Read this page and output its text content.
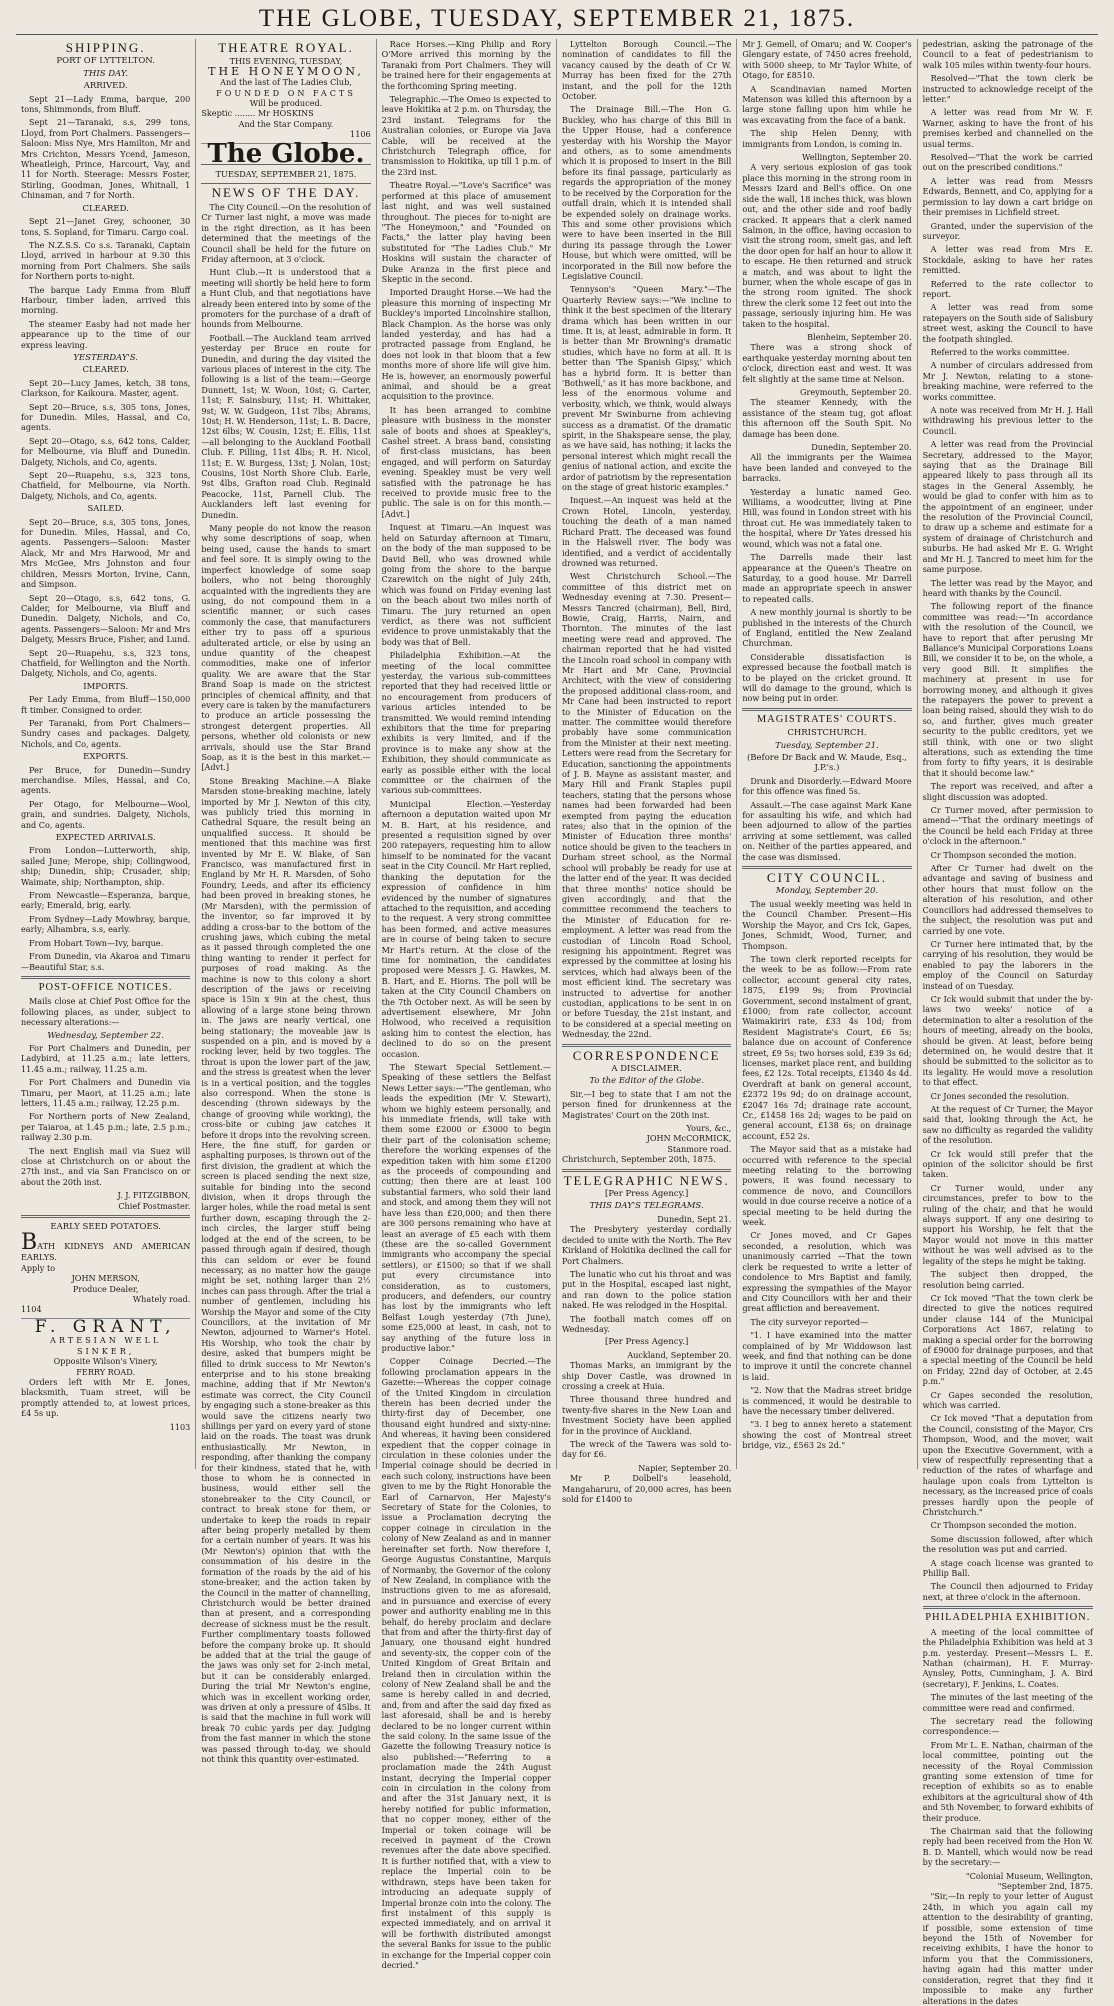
THE GLOBE, TUESDAY, SEPTEMBER 21, 1875.
SHIPPING.
PORT OF LYTTELTON.
THIS DAY.
ARRIVED.

Sept 21—Lady Emma, barque, 200 tons, Shimmonds, from Bluff.

Sept 21—Taranaki, s.s, 299 tons, Lloyd, from Port Chalmers. Passengers—Saloon: Miss Nye, Mrs Hamilton, Mr and Mrs Crichton, Messrs Ycend, Jameson, Wheatleigh, Prince, Harcourt, Vay, and 11 for North. Steerage: Messrs Foster, Stirling, Goodman, Jones, Whitnall, 1 Chinaman, and 7 for North.

CLEARED.

Sept 21—Janet Grey, schooner, 30 tons, S. Sopland, for Timaru. Cargo coal.

The N.Z.S.S. Co s.s. Taranaki, Captain Lloyd, arrived in harbour at 9.30 this morning from Port Chalmers. She sails for Northern ports to-night.

The barque Lady Emma from Bluff Harbour, timber laden, arrived this morning.

The steamer Easby had not made her appearance up to the time of our express leaving.

YESTERDAY'S.
CLEARED.

Sept 20—Lucy James, ketch, 38 tons, Clarkson, for Kaikoura. Master, agent.

Sept 20—Bruce, s.s, 305 tons, Jones, for Dunedin. Miles, Hassal, and Co, agents.

Sept 20—Otago, s.s, 642 tons, Calder, for Melbourne, via Bluff and Dunedin. Dalgety, Nichols, and Co, agents.

Sept 20—Ruapehu, s.s, 323 tons, Chatfield, for Melbourne, via North. Dalgety, Nichols, and Co, agents.

SAILED.

Sept 20—Bruce, s.s, 305 tons, Jones, for Dunedin. Miles, Hassal, and Co, agents. Passengers—Saloon: Master Alack, Mr and Mrs Harwood, Mr and Mrs McGee, Mrs Johnston and four children, Messrs Morton, Irvine, Cann, and Simpson.

Sept 20—Otago, s.s, 642 tons, G. Calder, for Melbourne, via Bluff and Dunedin. Dalgety, Nichols, and Co, agents. Passengers—Saloon: Mr and Mrs Dalgety, Messrs Bruce, Fisher, and Lund.

Sept 20—Ruapehu, s.s, 323 tons, Chatfield, for Wellington and the North. Dalgety, Nichols, and Co, agents.

IMPORTS.

Per Lady Emma, from Bluff—150,000 ft timber. Consigned to order.

Per Taranaki, from Port Chalmers—Sundry cases and packages. Dalgety, Nichols, and Co, agents.

EXPORTS.

Per Bruce, for Dunedin—Sundry merchandise. Miles, Hassal, and Co, agents.

Per Otago, for Melbourne—Wool, grain, and sundries. Dalgety, Nichols, and Co, agents.

EXPECTED ARRIVALS.

From London—Lutterworth, ship, sailed June; Merope, ship; Collingwood, ship; Dunedin, ship; Crusader, ship; Waimate, ship; Northampton, ship.

From Newcastle—Esperanza, barque, early; Emerald, brig, early.

From Sydney—Lady Mowbray, barque, early; Alhambra, s.s, early.

From Hobart Town—Ivy, barque.

From Dunedin, via Akaroa and Timaru—Beautiful Star, s.s.

POST-OFFICE NOTICES.

Mails close at Chief Post Office for the following places, as under, subject to necessary alterations:—

Wednesday, September 22.

For Port Chalmers and Dunedin, per Ladybird, at 11.25 a.m.; late letters, 11.45 a.m.; railway, 11.25 a.m.

For Port Chalmers and Dunedin via Timaru, per Maori, at 11.25 a.m.; late letters, 11.45 a.m.; railway, 12.25 p.m.

For Northern ports of New Zealand, per Taiaroa, at 1.45 p.m.; late, 2.5 p.m.; railway 2.30 p.m.

The next English mail via Suez will close at Christchurch on or about the 27th inst., and via San Francisco on or about the 20th inst.

J. J. FITZGIBBON,
Chief Postmaster.
EARLY SEED POTATOES.
BATH KIDNEYS AND AMERICAN EARLYS.
Apply to
JOHN MERSON,
Produce Dealer,
Whately road.
1104
F. GRANT,
ARTESIAN WELL SINKER,
Opposite Wilson's Vinery,
FERRY ROAD.

Orders left with Mr E. Jones, blacksmith, Tuam street, will be promptly attended to, at lowest prices, £4 5s up.

1103
THEATRE ROYAL.
THIS EVENING, TUESDAY,
THE HONEYMOON,
And the last of The Ladies Club,
FOUNDED ON FACTS
Will be produced.
Skeptic ........ Mr HOSKINS
And the Star Company.
1106
The Globe.
TUESDAY, SEPTEMBER 21, 1875.
NEWS OF THE DAY.

The City Council.—On the resolution of Cr Turner last night, a move was made in the right direction, as it has been determined that the meetings of the Council shall be held for the future on Friday afternoon, at 3 o'clock.

Hunt Club.—It is understood that a meeting will shortly be held here to form a Hunt Club, and that negotiations have already been entered into by some of the promoters for the purchase of a draft of hounds from Melbourne.

Football.—The Auckland team arrived yesterday per Bruce en route for Dunedin, and during the day visited the various places of interest in the city. The following is a list of the team:—George Dunnett, 1st; W. Woon, 10st; G. Carter, 11st; F. Sainsbury, 11st; H. Whittaker, 9st; W. W. Gudgeon, 11st 7lbs; Abrams, 10st; H. W. Henderson, 11st; L. B. Dacre, 12st 6lbs; W. Cousin, 12st; E. Ellis, 11st—all belonging to the Auckland Football Club. F. Pilling, 11st 4lbs; R. H. Nicol, 11st; E. W. Burgess, 13st; J. Nolan, 10st; Cousins, 10st North Shore Club. Earle, 9st 4lbs, Grafton road Club. Reginald Peacocke, 11st, Parnell Club. The Aucklanders left last evening for Dunedin.

Many people do not know the reason why some descriptions of soap, when being used, cause the hands to smart and feel sore. It is simply owing to the imperfect knowledge of some soap boilers, who not being thoroughly acquainted with the ingredients they are using, do not compound them in a scientific manner, or such cases commonly the case, that manufacturers either try to pass off a spurious adulterated article, or else by using an undue quantity of the cheapest commodities, make one of inferior quality. We are aware that the Star Brand Soap is made on the strictest principles of chemical affinity, and that every care is taken by the manufacturers to produce an article possessing the strongest detergent properties. All persons, whether old colonists or new arrivals, should use the Star Brand Soap, as it is the best in this market.—[Advt.]

Stone Breaking Machine.—A Blake Marsden stone-breaking machine, lately imported by Mr J. Newton of this city, was publicly tried this morning in Cathedral Square, the result being an unqualified success. It should be mentioned that this machine was first invented by Mr E. W. Blake, of San Francisco, was manufactured first in England by Mr H. R. Marsden, of Soho Foundry, Leeds, and after its efficiency had been proved in breaking stones, he (Mr Marsden), with the permission of the inventor, so far improved it by adding a cross-bar to the bottom of the crushing jaws, which cubing the metal as it passed through completed the one thing wanting to render it perfect for purposes of road making. As the machine is now to this colony a short description of the jaws or receiving space is 15in x 9in at the chest, thus allowing of a large stone being thrown in. The jaws are nearly vertical, one being stationary; the moveable jaw is suspended on a pin, and is moved by a rocking lever, held by two toggles. The throat is upon the lower part of the jaw, and the stress is greatest when the lever is in a vertical position, and the toggles also correspond. When the stone is descending (thrown sideways by the change of grooving while working), the cross-bite or cubing jaw catches it before it drops into the revolving screen. Here, the fine stuff, for garden or asphalting purposes, is thrown out of the first division, the gradient at which the screen is placed sending the next size, suitable for binding into the second division, when it drops through the larger holes, while the road metal is sent further down, escaping through the 2-inch circles, the larger stuff being lodged at the end of the screen, to be passed through again if desired, though this can seldom or ever be found necessary, as no matter how the gauge might be set, nothing larger than 2½ inches can pass through. After the trial a number of gentlemen, including his Worship the Mayor and some of the City Councillors, at the invitation of Mr Newton, adjourned to Warner's Hotel. His Worship, who took the chair by desire, asked that bumpers might be filled to drink success to Mr Newton's enterprise and to his stone breaking machine, adding that if Mr Newton's estimate was correct, the City Council by engaging such a stone-breaker as this would save the citizens nearly two shillings per yard on every yard of stone laid on the roads. The toast was drunk enthusiastically. Mr Newton, in responding, after thanking the company for their kindness, stated that he, with those to whom he is connected in business, would either sell the stonebreaker to the City Council, or contract to break stone for them, or undertake to keep the roads in repair after being properly metalled by them for a certain number of years. It was his (Mr Newton's) opinion that with the consummation of his desire in the formation of the roads by the aid of his stone-breaker, and the action taken by the Council in the matter of channelling, Christchurch would be better drained than at present, and a corresponding decrease of sickness must be the result. Further complimentary toasts followed before the company broke up. It should be added that at the trial the gauge of the jaws was only set for 2-inch metal, but it can be considerably enlarged. During the trial Mr Newton's engine, which was in excellent working order, was driven at only a pressure of 45lbs. It is said that the machine in full work will break 70 cubic yards per day. Judging from the fast manner in which the stone was passed through to-day, we should not think this quantity over-estimated.

Race Horses.—King Philip and Rory O'More arrived this morning by the Taranaki from Port Chalmers. They will be trained here for their engagements at the forthcoming Spring meeting.

Telegraphic.—The Omeo is expected to leave Hokitika at 2 p.m. on Thursday, the 23rd instant. Telegrams for the Australian colonies, or Europe via Java Cable, will be received at the Christchurch Telegraph office, for transmission to Hokitika, up till 1 p.m. of the 23rd inst.

Theatre Royal.—"Love's Sacrifice" was performed at this place of amusement last night, and was well sustained throughout. The pieces for to-night are "The Honeymoon," and "Founded on Facts," the latter play having been substituted for "The Ladies Club." Mr Hoskins will sustain the character of Duke Aranza in the first piece and Skeptic in the second.

Imported Draught Horse.—We had the pleasure this morning of inspecting Mr Buckley's imported Lincolnshire stallion, Black Champion. As the horse was only landed yesterday, and has had a protracted passage from England, he does not look in that bloom that a few months more of shore life will give him. He is, however, an enormously powerful animal, and should be a great acquisition to the province.

It has been arranged to combine pleasure with business in the monster sale of boots and shoes at Speakley's, Cashel street. A brass band, consisting of first-class musicians, has been engaged, and will perform on Saturday evening. Speakley must be very well satisfied with the patronage he has received to provide music free to the public. The sale is on for this month.—[Advt.]

Inquest at Timaru.—An inquest was held on Saturday afternoon at Timaru, on the body of the man supposed to be David Bell, who was drowned while going from the shore to the barque Czarewitch on the night of July 24th, which was found on Friday evening last on the beach about two miles north of Timaru. The jury returned an open verdict, as there was not sufficient evidence to prove unmistakably that the body was that of Bell.

Philadelphia Exhibition.—At the meeting of the local committee yesterday, the various sub-committees reported that they had received little or no encouragement from producers of various articles intended to be transmitted. We would remind intending exhibitors that the time for preparing exhibits is very limited, and if the province is to make any show at the Exhibition, they should communicate as early as possible either with the local committee or the chairmen of the various sub-committees.

Municipal Election.—Yesterday afternoon a deputation waited upon Mr M. B. Hart, at his residence, and presented a requisition signed by over 200 ratepayers, requesting him to allow himself to be nominated for the vacant seat in the City Council. Mr Hart replied, thanking the deputation for the expression of confidence in him evidenced by the number of signatures attached to the requisition, and acceding to the request. A very strong committee has been formed, and active measures are in course of being taken to secure Mr Hart's return. At the close of the time for nomination, the candidates proposed were Messrs J. G. Hawkes, M. B. Hart, and E. Hiorns. The poll will be taken at the City Council Chambers on the 7th October next. As will be seen by advertisement elsewhere, Mr John Holwood, who received a requisition asking him to contest the election, has declined to do so on the present occasion.

The Stewart Special Settlement.—Speaking of these settlers the Belfast News Letter says:—"The gentleman, who leads the expedition (Mr V. Stewart), whom we highly esteem personally, and his immediate friends, will take with them some £2000 or £3000 to begin their part of the colonisation scheme; therefore the working expenses of the expedition taken with him some £1200 as the proceeds of compounding and cutting; then there are at least 100 substantial farmers, who sold their land and stock, and among them they will not have less than £20,000; and then there are 300 persons remaining who have at least an average of £5 each with them (these are the so-called Government immigrants who accompany the special settlers), or £1500; so that if we shall put every circumstance into consideration, as to customers, producers, and defenders, our country has lost by the immigrants who left Belfast Lough yesterday (7th June), some £25,000 at least, in cash, not to say anything of the future loss in productive labor."

Copper Coinage Decried.—The following proclamation appears in the Gazette:—Whereas the copper coinage of the United Kingdom in circulation therein has been decried under the thirty-first day of December, one thousand eight hundred and sixty-nine: And whereas, it having been considered expedient that the copper coinage in circulation in these colonies under the Imperial coinage should be decried in each such colony, instructions have been given to me by the Right Honorable the Earl of Carnarvon, Her Majesty's Secretary of State for the Colonies, to issue a Proclamation decrying the copper coinage in circulation in the colony of New Zealand as and in manner hereinafter set forth. Now therefore I, George Augustus Constantine, Marquis of Normanby, the Governor of the colony of New Zealand, in compliance with the instructions given to me as aforesaid, and in pursuance and exercise of every power and authority enabling me in this behalf, do hereby proclaim and declare that from and after the thirty-first day of January, one thousand eight hundred and seventy-six, the copper coin of the United Kingdom of Great Britain and Ireland then in circulation within the colony of New Zealand shall be and the same is hereby called in and decried, and, from and after the said day fixed as last aforesaid, shall be and is hereby declared to be no longer current within the said colony. In the same issue of the Gazette the following Treasury notice is also published:—"Referring to a proclamation made the 24th August instant, decrying the Imperial copper coin in circulation in the colony from and after the 31st January next, it is hereby notified for public information, that no copper money, either of the Imperial or token coinage will be received in payment of the Crown revenues after the date above specified. It is further notified that, with a view to replace the Imperial coin to be withdrawn, steps have been taken for introducing an adequate supply of Imperial bronze coin into the colony. The first instalment of this supply is expected immediately, and on arrival it will be forthwith distributed amongst the several Banks for issue to the public in exchange for the Imperial copper coin decried."

Lyttelton Borough Council.—The nomination of candidates to fill the vacancy caused by the death of Cr W. Murray has been fixed for the 27th instant, and the poll for the 12th October.

The Drainage Bill.—The Hon G. Buckley, who has charge of this Bill in the Upper House, had a conference yesterday with his Worship the Mayor and others, as to some amendments which it is proposed to insert in the Bill before its final passage, particularly as regards the appropriation of the money to be received by the Corporation for the outfall drain, which it is intended shall be expended solely on drainage works. This and some other provisions which were to have been inserted in the Bill during its passage through the Lower House, but which were omitted, will be incorporated in the Bill now before the Legislative Council.

Tennyson's "Queen Mary."—The Quarterly Review says:—"We incline to think it the best specimen of the literary drama which has been written in our time. It is, at least, admirable in form. It is better than Mr Browning's dramatic studies, which have no form at all. It is better than 'The Spanish Gipsy,' which has a hybrid form. It is better than 'Bothwell,' as it has more backbone, and less of the enormous volume and verbosity, which, we think, would always prevent Mr Swinburne from achieving success as a dramatist. Of the dramatic spirit, in the Shakspeare sense, the play, as we have said, has nothing; it lacks the personal interest which might recall the genius of national action, and excite the ardor of patriotism by the representation on the stage of great historic examples."

Inquest.—An inquest was held at the Crown Hotel, Lincoln, yesterday, touching the death of a man named Richard Pratt. The deceased was found in the Halswell river. The body was identified, and a verdict of accidentally drowned was returned.

West Christchurch School.—The committee of this district met on Wednesday evening at 7.30. Present—Messrs Tancred (chairman), Bell, Bird, Bowie, Craig, Harris, Nairn, and Thornton. The minutes of the last meeting were read and approved. The chairman reported that he had visited the Lincoln road school in company with Mr Hart and Mr Cane, Provincial Architect, with the view of considering the proposed additional class-room, and Mr Cane had been instructed to report to the Minister of Education on the matter. The committee would therefore probably have some communication from the Minister at their next meeting. Letters were read from the Secretary for Education, sanctioning the appointments of J. B. Mayne as assistant master, and Mary Hill and Frank Staples pupil teachers, stating that the persons whose names had been forwarded had been exempted from paying the education rates; also that in the opinion of the Minister of Education three months' notice should be given to the teachers in Durham street school, as the Normal school will probably be ready for use at the latter end of the year. It was decided that three months' notice should be given accordingly, and that the committee recommend the teachers to the Minister of Education for re-employment. A letter was read from the custodian of Lincoln Road School, resigning his appointment. Regret was expressed by the committee at losing his services, which had always been of the most efficient kind. The secretary was instructed to advertise for another custodian, applications to be sent in on or before Tuesday, the 21st instant, and to be considered at a special meeting on Wednesday, the 22nd.

CORRESPONDENCE
A DISCLAIMER.
To the Editor of the Globe.

Sir,—I beg to state that I am not the person fined for drunkenness at the Magistrates' Court on the 20th inst.

Yours, &c.,
JOHN McCORMICK,
Stanmore road.
Christchurch, September 20th, 1875.
TELEGRAPHIC NEWS.
[Per Press Agency.]
THIS DAY'S TELEGRAMS.
Dunedin, Sept 21.

The Presbytery yesterday cordially decided to unite with the North. The Rev Kirkland of Hokitika declined the call for Port Chalmers.

The lunatic who cut his throat and was put in the Hospital, escaped last night, and ran down to the police station naked. He was relodged in the Hospital.

The football match comes off on Wednesday.

[Per Press Agency.]
Auckland, September 20.

Thomas Marks, an immigrant by the ship Dover Castle, was drowned in crossing a creek at Huia.

Three thousand three hundred and twenty-five shares in the New Loan and Investment Society have been applied for in the province of Auckland.

The wreck of the Tawera was sold to-day for £6.

Napier, September 20.

Mr P. Dolbell's leasehold, Mangaharuru, of 20,000 acres, has been sold for £1400 to

Mr J. Gemell, of Omaru; and W. Cooper's Glengary estate, of 7450 acres freehold, with 5000 sheep, to Mr Taylor White, of Otago, for £8510.

A Scandinavian named Morten Matenson was killed this afternoon by a large stone falling upon him while he was excavating from the face of a bank.

The ship Helen Denny, with immigrants from London, is coming in.

Wellington, September 20.

A very serious explosion of gas took place this morning in the strong room in Messrs Izard and Bell's office. On one side the wall, 18 inches thick, was blown out, and the other side and roof badly cracked. It appears that a clerk named Salmon, in the office, having occasion to visit the strong room, smelt gas, and left the door open for half an hour to allow it to escape. He then returned and struck a match, and was about to light the burner, when the whole escape of gas in the strong room ignited. The shock threw the clerk some 12 feet out into the passage, seriously injuring him. He was taken to the hospital.

Blenheim, September 20.

There was a strong shock of earthquake yesterday morning about ten o'clock, direction east and west. It was felt slightly at the same time at Nelson.

Greymouth, September 20.

The steamer Kennedy, with the assistance of the steam tug, got afloat this afternoon off the South Spit. No damage has been done.

Dunedin, September 20.

All the immigrants per the Waimea have been landed and conveyed to the barracks.

Yesterday a lunatic named Geo. Williams, a woodcutter, living at Pine Hill, was found in London street with his throat cut. He was immediately taken to the hospital, where Dr Yates dressed his wound, which was not a fatal one.

The Darrells made their last appearance at the Queen's Theatre on Saturday, to a good house. Mr Darrell made an appropriate speech in answer to repeated calls.

A new monthly journal is shortly to be published in the interests of the Church of England, entitled the New Zealand Churchman.

Considerable dissatisfaction is expressed because the football match is to be played on the cricket ground. It will do damage to the ground, which is now being put in order.

MAGISTRATES' COURTS.
CHRISTCHURCH.
Tuesday, September 21.
(Before Dr Back and W. Maude, Esq., J.P.'s.)

Drunk and Disorderly.—Edward Moore for this offence was fined 5s.

Assault.—The case against Mark Kane for assaulting his wife, and which had been adjourned to allow of the parties arriving at some settlement, was called on. Neither of the parties appeared, and the case was dismissed.

CITY COUNCIL.
Monday, September 20.

The usual weekly meeting was held in the Council Chamber. Present—His Worship the Mayor, and Crs Ick, Gapes, Jones, Schmidt, Wood, Turner, and Thompson.

The town clerk reported receipts for the week to be as follow:—From rate collector, account general city rates, 1875, £199 9s; from Provincial Government, second instalment of grant, £1000; from rate collector, account Waimakiriri rate, £33 4s 10d; from Resident Magistrate's Court, £6 5s; balance due on account of Conference street, £9 5s; two horses sold, £39 3s 6d; licenses, market place rent, and building fees, £2 12s. Total receipts, £1340 4s 4d. Overdraft at bank on general account, £2372 19s 9d; do on drainage account, £2047 16s 7d; drainage rate account, Cr., £1458 16s 2d; wages to be paid on general account, £138 6s; on drainage account, £52 2s.

The Mayor said that as a mistake had occurred with reference to the special meeting relating to the borrowing powers, it was found necessary to commence de novo, and Councillors would in due course receive a notice of a special meeting to be held during the week.

Cr Jones moved, and Cr Gapes seconded, a resolution, which was unanimously carried —That the town clerk be requested to write a letter of condolence to Mrs Baptist and family, expressing the sympathies of the Mayor and City Councillors with her and their great affliction and bereavement.

The city surveyor reported—

"1. I have examined into the matter complained of by Mr Widdowson last week, and find that nothing can be done to improve it until the concrete channel is laid.

"2. Now that the Madras street bridge is commenced, it would be desirable to have the necessary timber delivered.

"3. I beg to annex hereto a statement showing the cost of Montreal street bridge, viz., £563 2s 2d."

pedestrian, asking the patronage of the Council to a feat of pedestrianism to walk 105 miles within twenty-four hours.

Resolved—"That the town clerk be instructed to acknowledge receipt of the letter."

A letter was read from Mr W. F. Warner, asking to have the front of his premises kerbed and channelled on the usual terms.

Resolved—"That the work be carried out on the prescribed conditions."

A letter was read from Messrs Edwards, Bennett, and Co, applying for a permission to lay down a cart bridge on their premises in Lichfield street.

Granted, under the supervision of the surveyor.

A letter was read from Mrs E. Stockdale, asking to have her rates remitted.

Referred to the rate collector to report.

A letter was read from some ratepayers on the South side of Salisbury street west, asking the Council to have the footpath shingled.

Referred to the works committee.

A number of circulars addressed from Mr J. Newton, relating to a stone-breaking machine, were referred to the works committee.

A note was received from Mr H. J. Hall withdrawing his previous letter to the Council.

A letter was read from the Provincial Secretary, addressed to the Mayor, saying that as the Drainage Bill appeared likely to pass through all its stages in the General Assembly, he would be glad to confer with him as to the appointment of an engineer, under the resolution of the Provincial Council, to draw up a scheme and estimate for a system of drainage of Christchurch and suburbs. He had asked Mr E. G. Wright and Mr H. J. Tancred to meet him for the same purpose.

The letter was read by the Mayor, and heard with thanks by the Council.

The following report of the finance committee was read:—"In accordance with the resolution of the Council, we have to report that after perusing Mr Ballance's Municipal Corporations Loans Bill, we consider it to be, on the whole, a very good Bill. It simplifies the machinery at present in use for borrowing money, and although it gives the ratepayers the power to prevent a loan being raised, should they wish to do so, and further, gives much greater security to the public creditors, yet we still think, with one or two slight alterations, such as extending the time from forty to fifty years, it is desirable that it should become law."

The report was received, and after a slight discussion was adopted.

Cr Turner moved, after permission to amend—"That the ordinary meetings of the Council be held each Friday at three o'clock in the afternoon."

Cr Thompson seconded the motion.

After Cr Turner had dwelt on the advantage and saving of business and other hours that must follow on the alteration of his resolution, and other Councillors had addressed themselves to the subject, the resolution was put and carried by one vote.

Cr Turner here intimated that, by the carrying of his resolution, they would be enabled to pay the laborers in the employ of the Council on Saturday instead of on Tuesday.

Cr Ick would submit that under the by-laws two weeks' notice of a determination to alter a resolution of the hours of meeting, already on the books, should be given. At least, before being determined on, he would desire that it should be submitted to the solicitor as to its legality. He would move a resolution to that effect.

Cr Jones seconded the resolution.

At the request of Cr Turner, the Mayor said that, looking through the Act, he saw no difficulty as regarded the validity of the resolution.

Cr Ick would still prefer that the opinion of the solicitor should be first taken.

Cr Turner would, under any circumstances, prefer to bow to the ruling of the chair, and that he would always support. If any one desiring to support his Worship, he felt that the Mayor would not move in this matter without he was well advised as to the legality of the steps he might be taking.

The subject then dropped, the resolution being carried.

Cr Ick moved "That the town clerk be directed to give the notices required under clause 144 of the Municipal Corporations Act 1867, relating to making a special order for the borrowing of £9000 for drainage purposes, and that a special meeting of the Council be held on Friday, 22nd day of October, at 2.45 p.m."

Cr Gapes seconded the resolution, which was carried.

Cr Ick moved "That a deputation from the Council, consisting of the Mayor, Crs Thompson, Wood, and the mover, wait upon the Executive Government, with a view of respectfully representing that a reduction of the rates of wharfage and haulage upon coals from Lyttelton is necessary, as the increased price of coals presses hardly upon the people of Christchurch."

Cr Thompson seconded the motion.

Some discussion followed, after which the resolution was put and carried.

A stage coach license was granted to Phillip Ball.

The Council then adjourned to Friday next, at three o'clock in the afternoon.

PHILADELPHIA EXHIBITION.

A meeting of the local committee of the Philadelphia Exhibition was held at 3 p.m. yesterday. Present—Messrs L. E. Nathan (chairman), H. F. Murray-Aynsley, Potts, Cunningham, J. A. Bird (secretary), F. Jenkins, L. Coates.

The minutes of the last meeting of the committee were read and confirmed.

The secretary read the following correspondence:—

From Mr L. E. Nathan, chairman of the local committee, pointing out the necessity of the Royal Commission granting some extension of time for reception of exhibits so as to enable exhibitors at the agricultural show of 4th and 5th November, to forward exhibits of their produce.

The Chairman said that the following reply had been received from the Hon W. B. D. Mantell, which would now be read by the secretary:—

"Colonial Museum, Wellington, "September 2nd, 1875.

"Sir,—In reply to your letter of August 24th, in which you again call my attention to the desirability of granting, if possible, some extension of time beyond the 15th of November for receiving exhibits, I have the honor to inform you that the Commissioners, having again had this matter under consideration, regret that they find it impossible to make any further alterations in the dates
